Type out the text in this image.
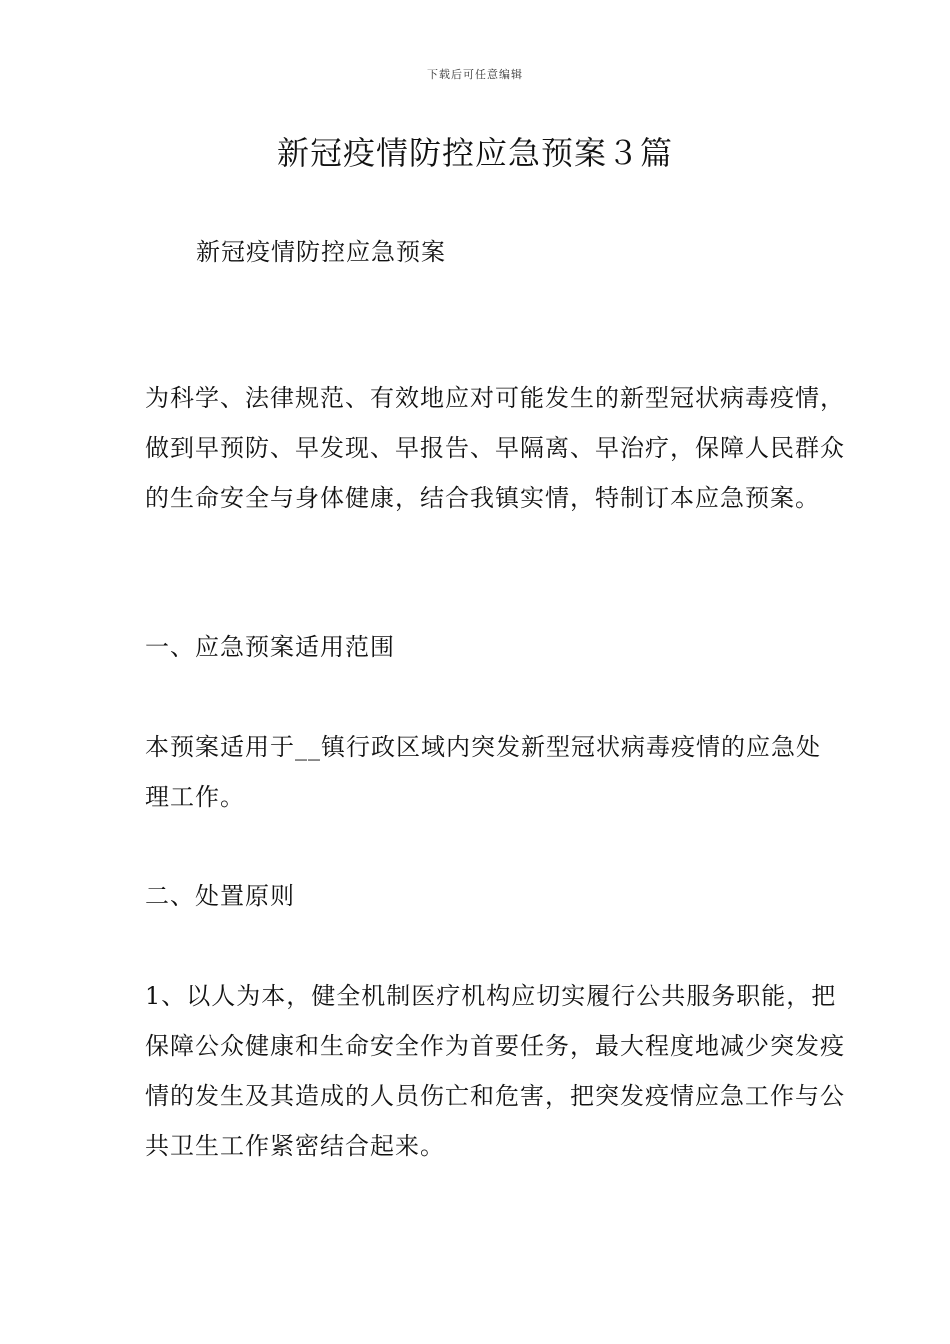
下载后可任意编辑
新冠疫情防控应急预案３篇
新冠疫情防控应急预案

为科学、法律规范、有效地应对可能发生的新型冠状病毒疫情，做到早预防、早发现、早报告、早隔离、早治疗，保障人民群众的生命安全与身体健康，结合我镇实情，特制订本应急预案。

一、应急预案适用范围

本预案适用于__镇行政区域内突发新型冠状病毒疫情的应急处理工作。

二、处置原则

1、以人为本，健全机制医疗机构应切实履行公共服务职能，把保障公众健康和生命安全作为首要任务，最大程度地减少突发疫情的发生及其造成的人员伤亡和危害，把突发疫情应急工作与公共卫生工作紧密结合起来。
